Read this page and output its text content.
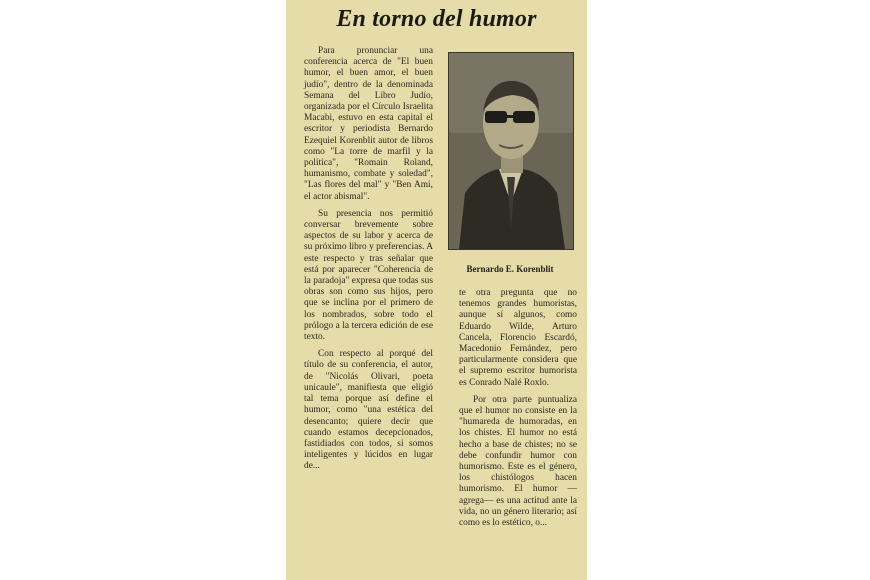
En torno del humor

Para pronunciar una conferencia acerca de "El buen humor, el buen amor, el buen judío", dentro de la denominada Semana del Libro Judío, organizada por el Círculo Israelita Macabi, estuvo en esta capital el escritor y periodista Bernardo Ezequiel Korenblit autor de libros como "La torre de marfil y la política", "Romain Roland, humanismo, combate y soledad", "Las flores del mal" y "Ben Ami, el actor abismal".

Su presencia nos permitió conversar brevemente sobre aspectos de su labor y acerca de su próximo libro y preferencias. A este respecto y tras señalar que está por aparecer "Coherencia de la paradoja" expresa que todas sus obras son como sus hijos, pero que se inclina por el primero de los nombrados, sobre todo el prólogo a la tercera edición de ese texto.

Con respecto al porqué del título de su conferencia, el autor, de "Nicolás Olivari, poeta unicaule", manifiesta que eligió tal tema porque así define el humor, como "una estética del desencanto; quiere decir que cuando estamos decepcionados, fastidiados con todos, si somos inteligentes y lúcidos en lugar de...

Bernardo E. Korenblit

te otra pregunta que no tenemos grandes humoristas, aunque sí algunos, como Eduardo Wilde, Arturo Cancela, Florencio Escardó, Macedonio Fernández, pero particularmente considera que el supremo escritor humorista es Conrado Nalé Roxlo.

Por otra parte puntualiza que el humor no consiste en la "humareda de humoradas, en los chistes. El humor no está hecho a base de chistes; no se debe confundir humor con humorismo. Este es el género, los chistólogos hacen humorismo. El humor —agrega— es una actitud ante la vida, no un género literario; así como es lo estético, o...
